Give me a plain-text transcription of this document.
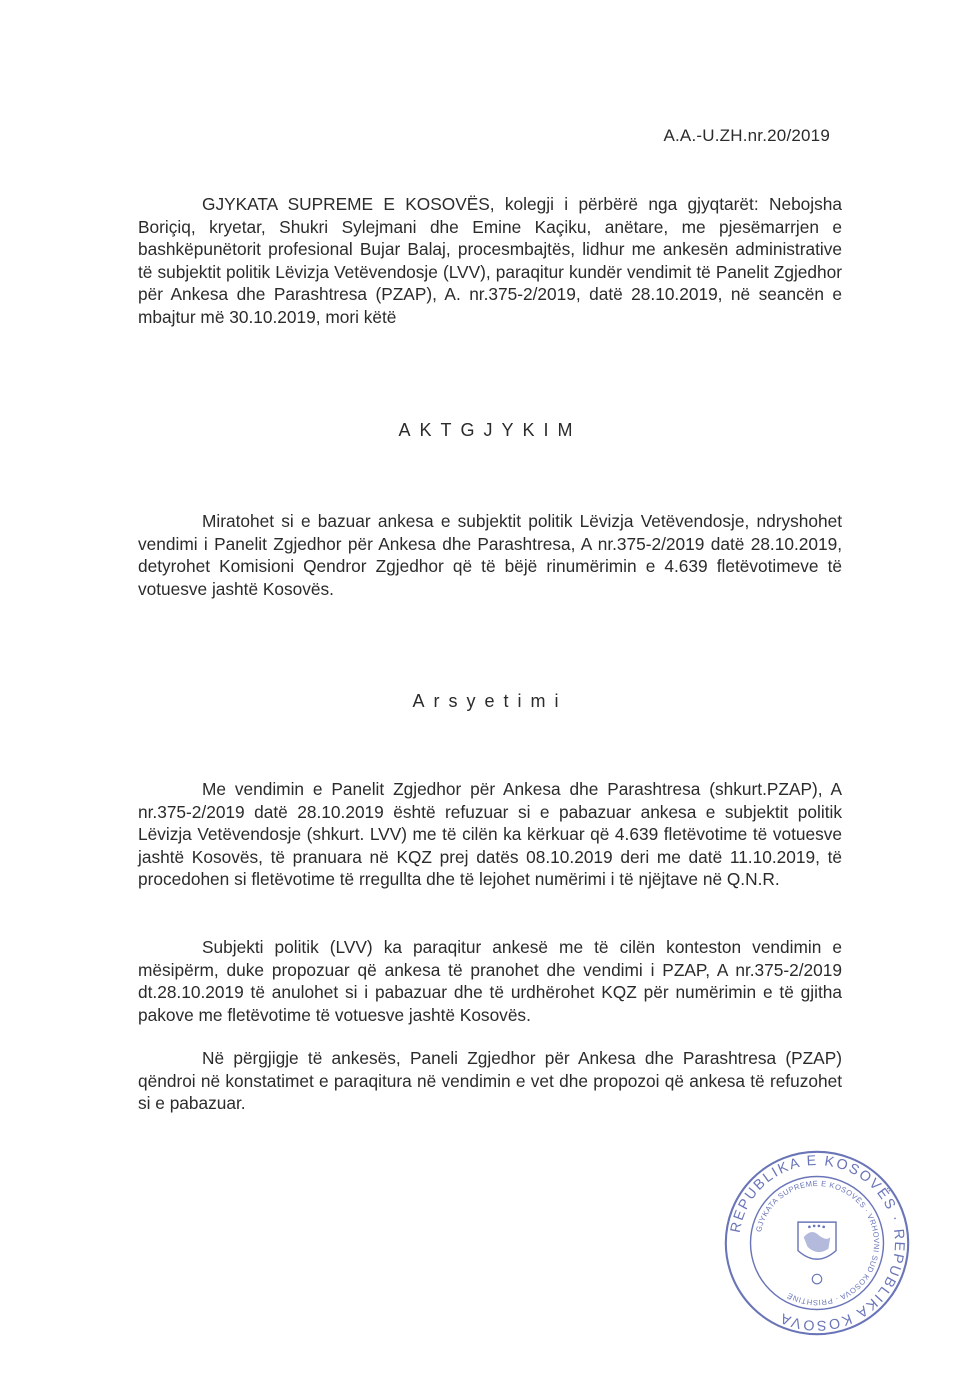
A.A.-U.ZH.nr.20/2019

GJYKATA SUPREME E KOSOVËS, kolegji i përbërë nga gjyqtarët: Nebojsha Boriçiq, kryetar, Shukri Sylejmani dhe Emine Kaçiku, anëtare, me pjesëmarrjen e bashkëpunëtorit profesional Bujar Balaj, procesmbajtës, lidhur me ankesën administrative të subjektit politik Lëvizja Vetëvendosje (LVV), paraqitur kundër vendimit të Panelit Zgjedhor për Ankesa dhe Parashtresa (PZAP), A. nr.375-2/2019, datë 28.10.2019, në seancën e mbajtur më 30.10.2019, mori këtë

AKTGJYKIM

Miratohet si e bazuar ankesa e subjektit politik Lëvizja Vetëvendosje, ndryshohet vendimi i Panelit Zgjedhor për Ankesa dhe Parashtresa, A nr.375-2/2019 datë 28.10.2019, detyrohet Komisioni Qendror Zgjedhor që të bëjë rinumërimin e 4.639 fletëvotimeve të votuesve jashtë Kosovës.

Arsyetimi

Me vendimin e Panelit Zgjedhor për Ankesa dhe Parashtresa (shkurt.PZAP), A nr.375-2/2019 datë 28.10.2019 është refuzuar si e pabazuar ankesa e subjektit politik Lëvizja Vetëvendosje (shkurt. LVV) me të cilën ka kërkuar që 4.639 fletëvotime të votuesve jashtë Kosovës, të pranuara në KQZ prej datës 08.10.2019 deri me datë 11.10.2019, të procedohen si fletëvotime të rregullta dhe të lejohet numërimi i të njëjtave në Q.N.R.

Subjekti politik (LVV) ka paraqitur ankesë me të cilën konteston vendimin e mësipërm, duke propozuar që ankesa të pranohet dhe vendimi i PZAP, A nr.375-2/2019 dt.28.10.2019 të anulohet si i pabazuar dhe të urdhërohet KQZ për numërimin e të gjitha pakove me fletëvotime të votuesve jashtë Kosovës.

Në përgjigje të ankesës, Paneli Zgjedhor për Ankesa dhe Parashtresa (PZAP) qëndroi në konstatimet e paraqitura në vendimin e vet dhe propozoi që ankesa të refuzohet si e pabazuar.

REPUBLIKA E KOSOVËS · REPUBLIKA KOSOVA
GJYKATA SUPREME E KOSOVËS · VRHOVNI SUD KOSOVA · PRISHTINË
